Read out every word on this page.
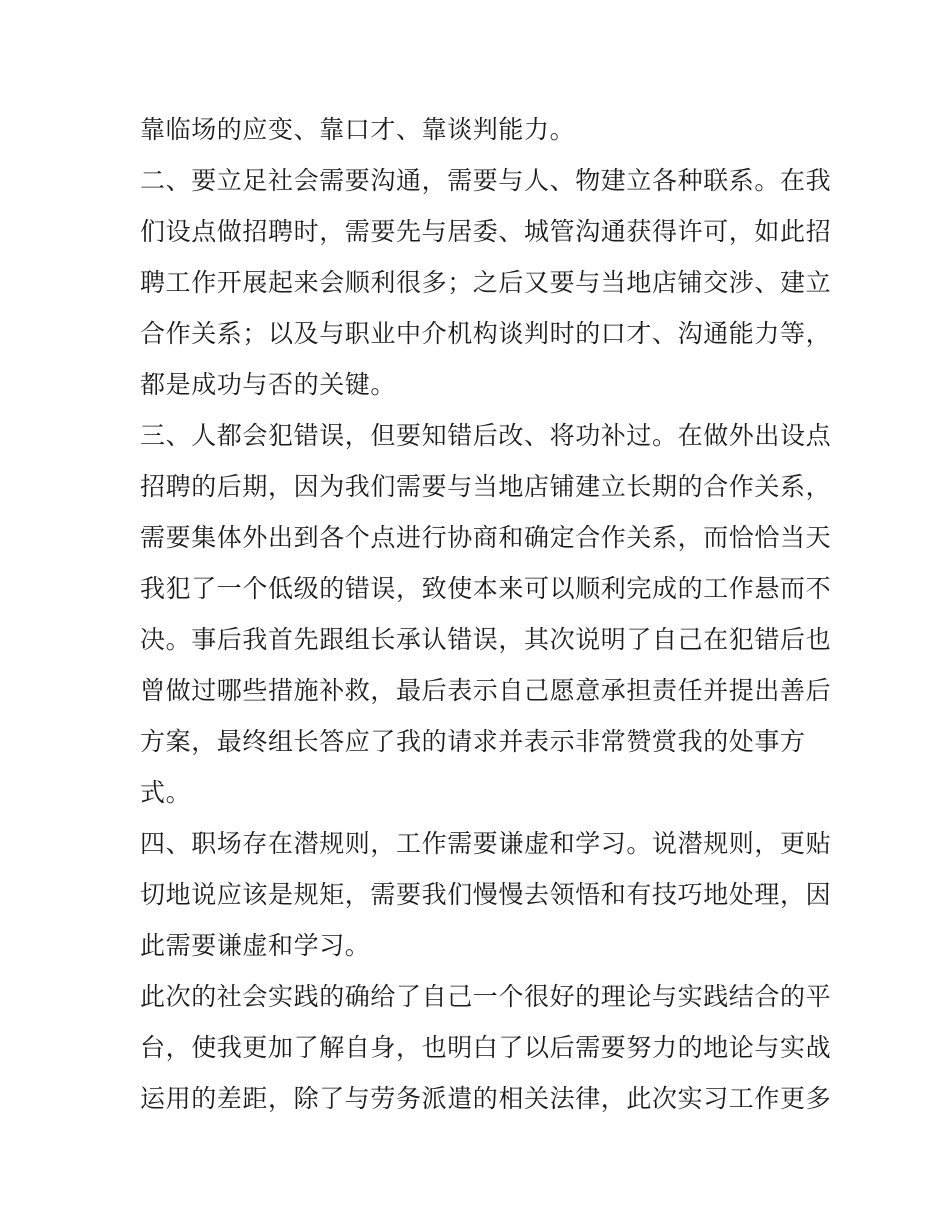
靠临场的应变、靠口才、靠谈判能力。
二、要立足社会需要沟通，需要与人、物建立各种联系。在我
们设点做招聘时，需要先与居委、城管沟通获得许可，如此招
聘工作开展起来会顺利很多；之后又要与当地店铺交涉、建立
合作关系；以及与职业中介机构谈判时的口才、沟通能力等，
都是成功与否的关键。
三、人都会犯错误，但要知错后改、将功补过。在做外出设点
招聘的后期，因为我们需要与当地店铺建立长期的合作关系，
需要集体外出到各个点进行协商和确定合作关系，而恰恰当天
我犯了一个低级的错误，致使本来可以顺利完成的工作悬而不
决。事后我首先跟组长承认错误，其次说明了自己在犯错后也
曾做过哪些措施补救，最后表示自己愿意承担责任并提出善后
方案，最终组长答应了我的请求并表示非常赞赏我的处事方
式。
四、职场存在潜规则，工作需要谦虚和学习。说潜规则，更贴
切地说应该是规矩，需要我们慢慢去领悟和有技巧地处理，因
此需要谦虚和学习。
此次的社会实践的确给了自己一个很好的理论与实践结合的平
台，使我更加了解自身，也明白了以后需要努力的地论与实战
运用的差距，除了与劳务派遣的相关法律，此次实习工作更多
